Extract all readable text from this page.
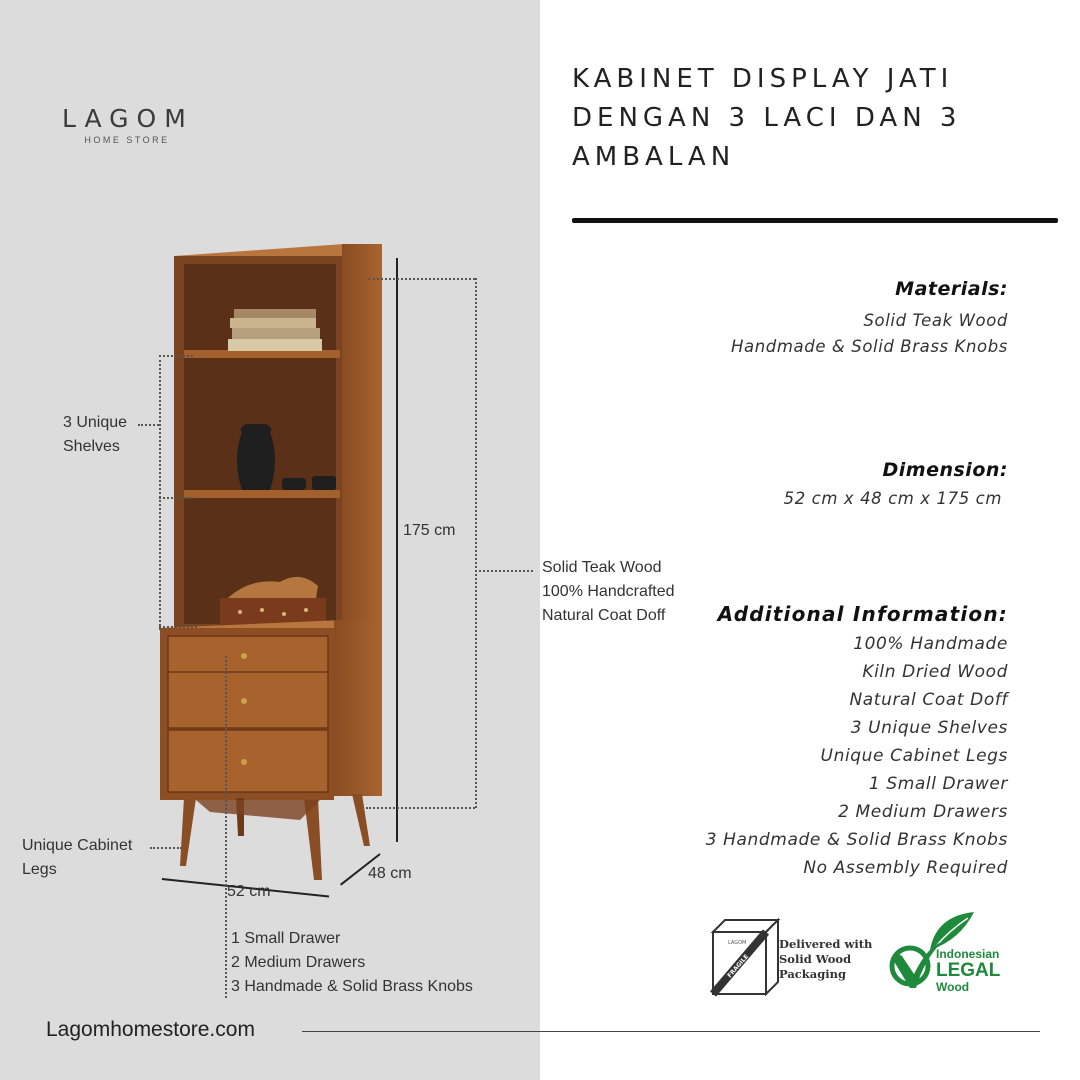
LAGOM
HOME STORE
175 cm
52 cm
48 cm
3 Unique
Shelves
Solid Teak Wood
100% Handcrafted
Natural Coat Doff
Unique Cabinet
Legs
1 Small Drawer
2 Medium Drawers
3 Handmade & Solid Brass Knobs
KABINET DISPLAY JATI DENGAN 3 LACI DAN 3 AMBALAN
Materials:
Solid Teak Wood
Handmade & Solid Brass Knobs
Dimension:
52 cm x 48 cm x 175 cm
Additional Information:
100% Handmade
Kiln Dried Wood
Natural Coat Doff
3 Unique Shelves
Unique Cabinet Legs
1 Small Drawer
2 Medium Drawers
3 Handmade & Solid Brass Knobs
No Assembly Required
LAGOM
FRAGILE
Delivered with
Solid Wood
Packaging
Indonesian
LEGAL
Wood
Lagomhomestore.com
